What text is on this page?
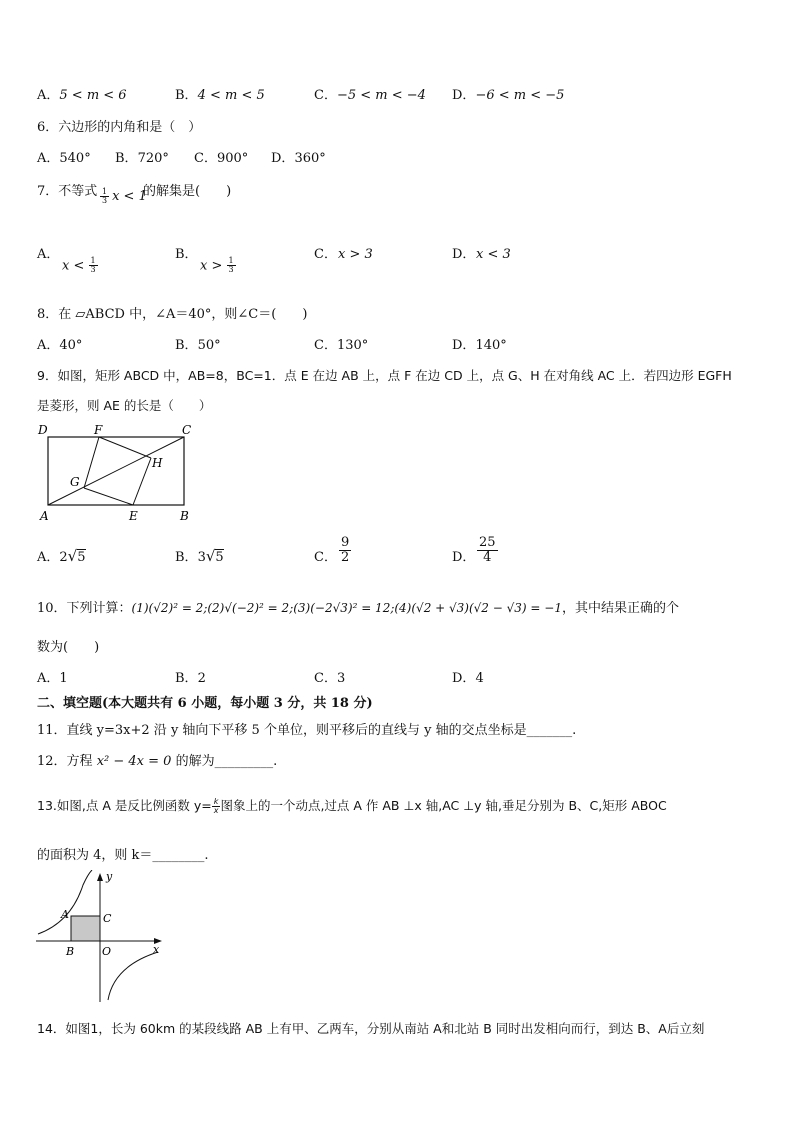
A．5 < m < 6	B．4 < m < 5	C．−5 < m < −4 D．−6 < m < −5
6．六边形的内角和是（　）
A．540° B．720° C．900° D．360°
7．不等式 $\frac{1}{3}$ x < 1
的解集是(　　)
A．
$x < \frac{1}{3}$
B．
$x > \frac{1}{3}$
C． x > 3	D． x < 3
8．在 ▱ABCD 中，∠A＝40°，则∠C＝(　　)
A．40°	B．50°	C．130°	D．140°
9．如图，矩形 ABCD 中，AB=8，BC=1．点 E 在边 AB 上，点 F 在边 CD 上，点 G、H 在对角线 AC 上．若四边形 EGFH
是菱形，则 AE 的长是（　　）
D	F	C
H
G
A	E	B
A．2√5	B．3√5	C． $\frac{9}{2}$	D． $\frac{25}{4}$
10．下列计算：(1)(√2)² = 2;(2)√(−2)² = 2;(3)(−2√3)² = 12;(4)(√2 + √3)(√2 − √3) = −1，其中结果正确的个
数为(　　)
A．1	B．2	C．3	D．4
二、填空题(本大题共有 6 小题，每小题 3 分，共 18 分)
11．直线 y=3x+2 沿 y 轴向下平移 5 个单位，则平移后的直线与 y 轴的交点坐标是_______.
12．方程 x² − 4x = 0 的解为_________.
13.如图,点 A 是反比例函数 $y= \frac{k}{x}$ 图象上的一个动点,过点 A 作 AB ⊥x 轴,AC ⊥y 轴,垂足分别为 B、C,矩形 ABOC
的面积为 4，则 k＝________.
y
x
A	C
B	O
14．如图1，长为 60km 的某段线路 AB 上有甲、乙两车，分别从南站 A和北站 B 同时出发相向而行，到达 B、A后立刻
